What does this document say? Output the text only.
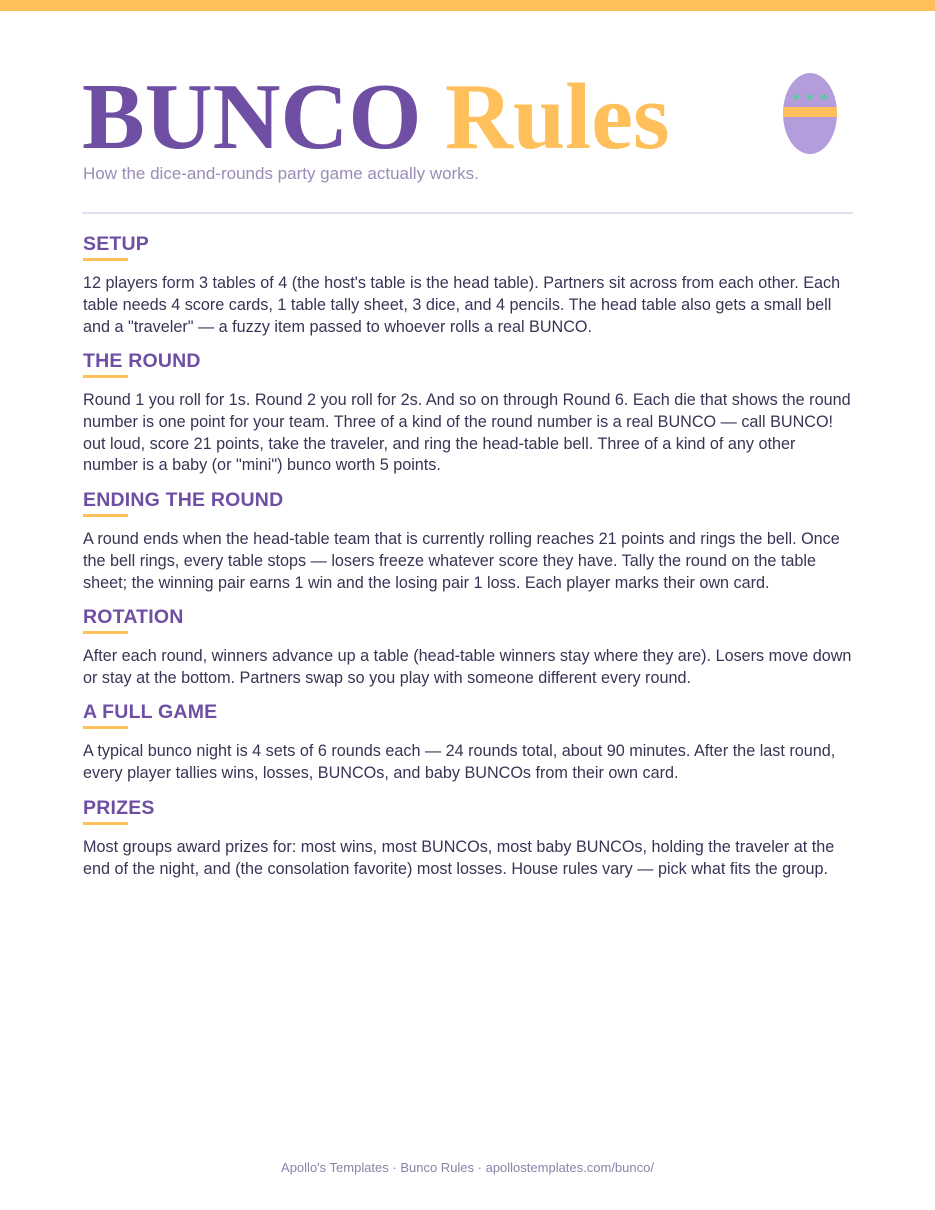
BUNCO Rules
How the dice-and-rounds party game actually works.
SETUP

12 players form 3 tables of 4 (the host's table is the head table). Partners sit across from each other. Each table needs 4 score cards, 1 table tally sheet, 3 dice, and 4 pencils. The head table also gets a small bell and a "traveler" — a fuzzy item passed to whoever rolls a real BUNCO.

THE ROUND

Round 1 you roll for 1s. Round 2 you roll for 2s. And so on through Round 6. Each die that shows the round number is one point for your team. Three of a kind of the round number is a real BUNCO — call BUNCO! out loud, score 21 points, take the traveler, and ring the head-table bell. Three of a kind of any other number is a baby (or "mini") bunco worth 5 points.

ENDING THE ROUND

A round ends when the head-table team that is currently rolling reaches 21 points and rings the bell. Once the bell rings, every table stops — losers freeze whatever score they have. Tally the round on the table sheet; the winning pair earns 1 win and the losing pair 1 loss. Each player marks their own card.

ROTATION

After each round, winners advance up a table (head-table winners stay where they are). Losers move down or stay at the bottom. Partners swap so you play with someone different every round.

A FULL GAME

A typical bunco night is 4 sets of 6 rounds each — 24 rounds total, about 90 minutes. After the last round, every player tallies wins, losses, BUNCOs, and baby BUNCOs from their own card.

PRIZES

Most groups award prizes for: most wins, most BUNCOs, most baby BUNCOs, holding the traveler at the end of the night, and (the consolation favorite) most losses. House rules vary — pick what fits the group.

Apollo's Templates · Bunco Rules · apollostemplates.com/bunco/
